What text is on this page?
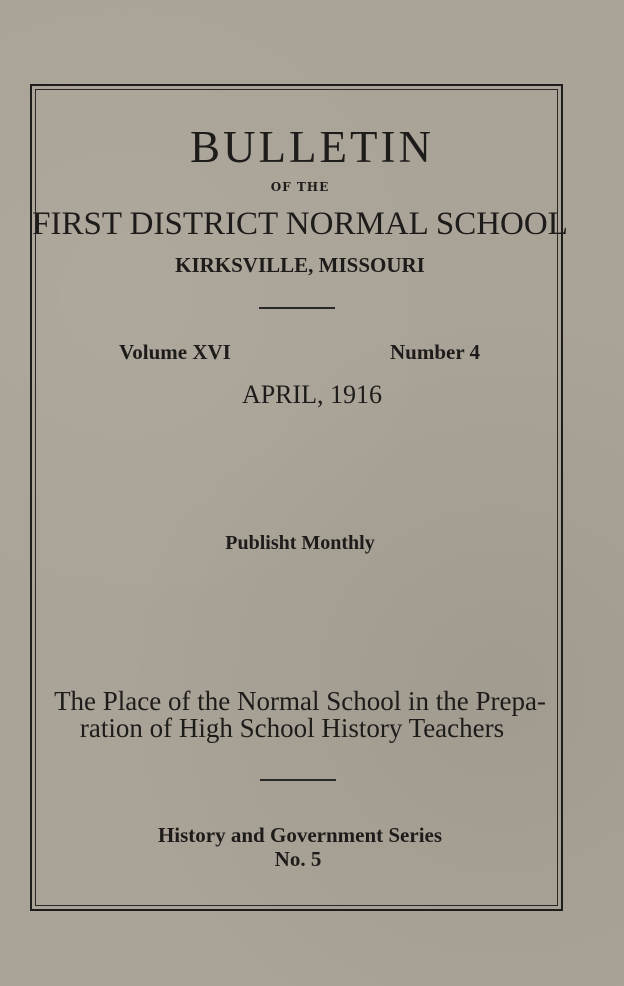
BULLETIN
OF THE
FIRST DISTRICT NORMAL SCHOOL
KIRKSVILLE, MISSOURI
Volume XVI	Number 4
APRIL, 1916
Publisht Monthly
The Place of the Normal School in the Prepa-
ration of High School History Teachers
History and Government Series
No. 5
